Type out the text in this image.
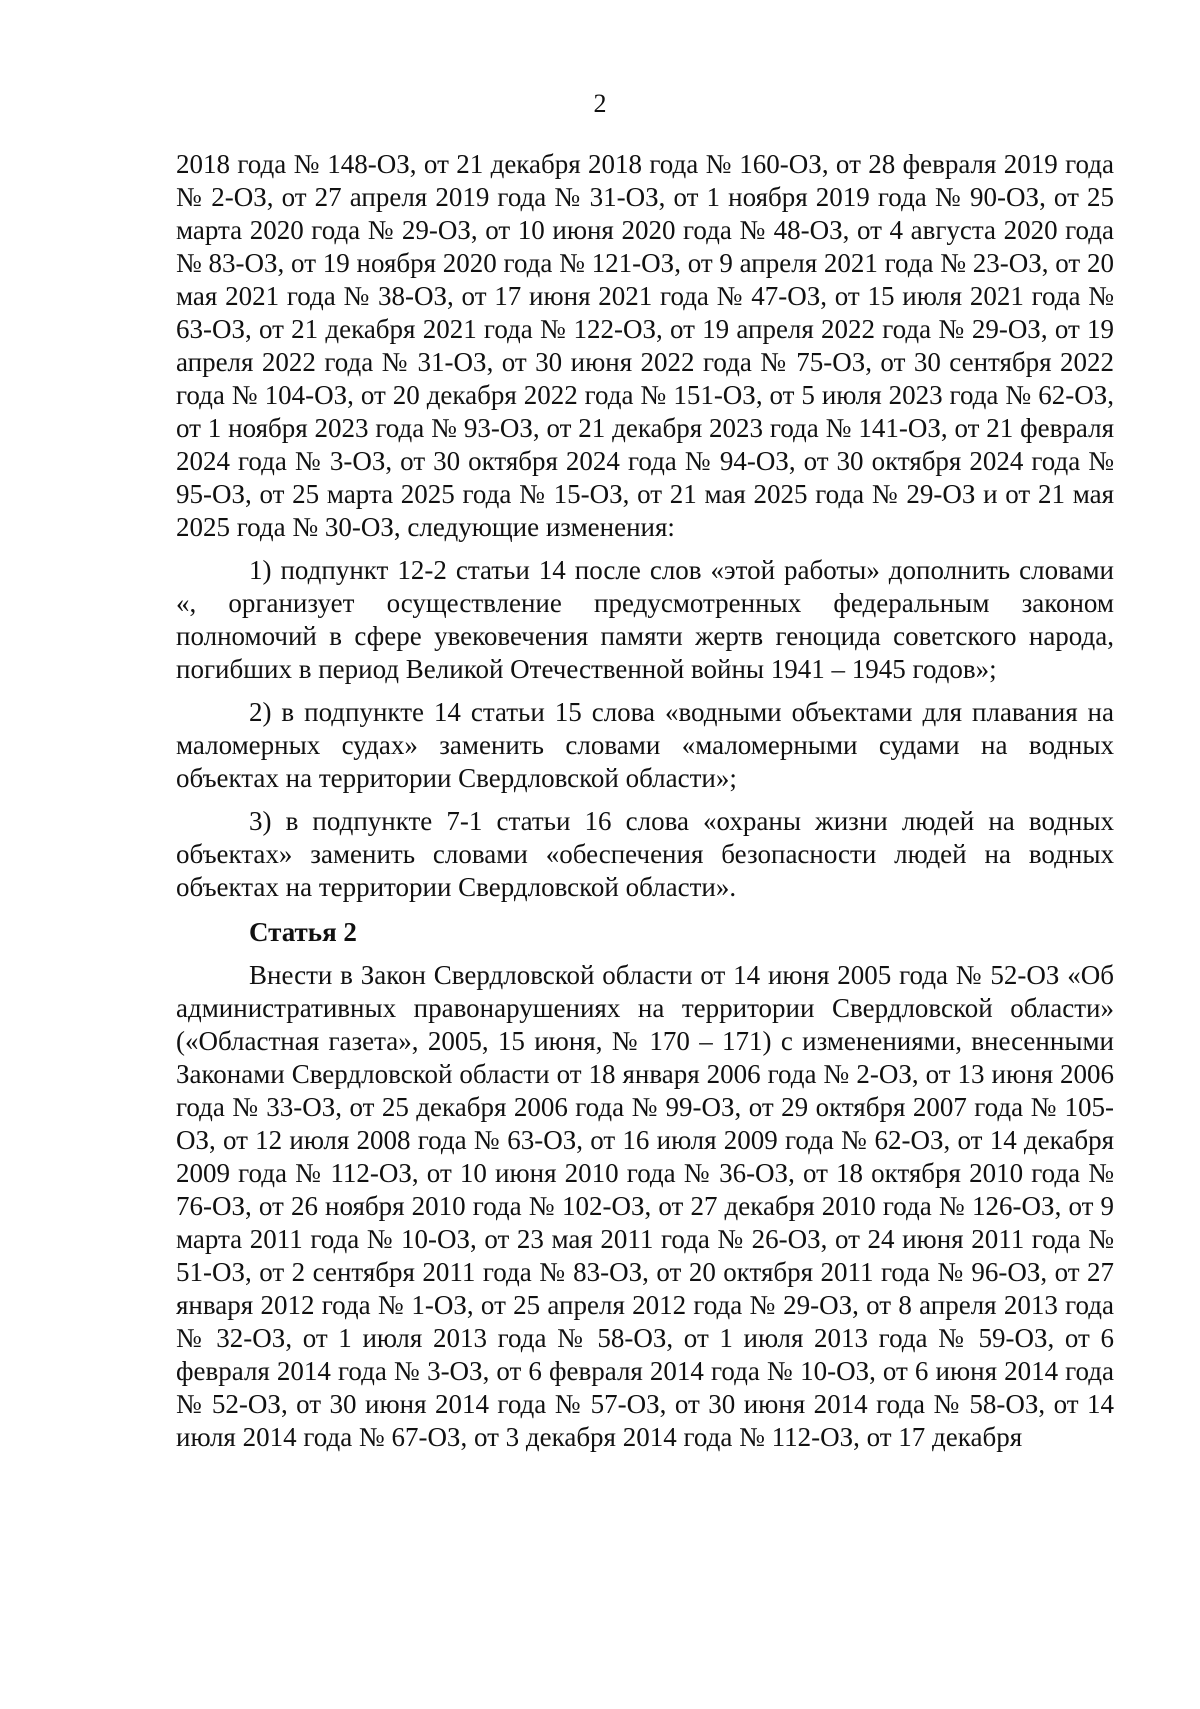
2

2018 года № 148-ОЗ, от 21 декабря 2018 года № 160-ОЗ, от 28 февраля 2019 года № 2-ОЗ, от 27 апреля 2019 года № 31-ОЗ, от 1 ноября 2019 года № 90-ОЗ, от 25 марта 2020 года № 29-ОЗ, от 10 июня 2020 года № 48-ОЗ, от 4 августа 2020 года № 83-ОЗ, от 19 ноября 2020 года № 121-ОЗ, от 9 апреля 2021 года № 23-ОЗ, от 20 мая 2021 года № 38-ОЗ, от 17 июня 2021 года № 47-ОЗ, от 15 июля 2021 года № 63-ОЗ, от 21 декабря 2021 года № 122-ОЗ, от 19 апреля 2022 года № 29-ОЗ, от 19 апреля 2022 года № 31-ОЗ, от 30 июня 2022 года № 75-ОЗ, от 30 сентября 2022 года № 104-ОЗ, от 20 декабря 2022 года № 151-ОЗ, от 5 июля 2023 года № 62-ОЗ, от 1 ноября 2023 года № 93-ОЗ, от 21 декабря 2023 года № 141-ОЗ, от 21 февраля 2024 года № 3-ОЗ, от 30 октября 2024 года № 94-ОЗ, от 30 октября 2024 года № 95-ОЗ, от 25 марта 2025 года № 15-ОЗ, от 21 мая 2025 года № 29-ОЗ и от 21 мая 2025 года № 30-ОЗ, следующие изменения:

1) подпункт 12-2 статьи 14 после слов «этой работы» дополнить словами «, организует осуществление предусмотренных федеральным законом полномочий в сфере увековечения памяти жертв геноцида советского народа, погибших в период Великой Отечественной войны 1941 – 1945 годов»;

2) в подпункте 14 статьи 15 слова «водными объектами для плавания на маломерных судах» заменить словами «маломерными судами на водных объектах на территории Свердловской области»;

3) в подпункте 7-1 статьи 16 слова «охраны жизни людей на водных объектах» заменить словами «обеспечения безопасности людей на водных объектах на территории Свердловской области».

Статья 2

Внести в Закон Свердловской области от 14 июня 2005 года № 52-ОЗ «Об административных правонарушениях на территории Свердловской области» («Областная газета», 2005, 15 июня, № 170 – 171) с изменениями, внесенными Законами Свердловской области от 18 января 2006 года № 2-ОЗ, от 13 июня 2006 года № 33-ОЗ, от 25 декабря 2006 года № 99-ОЗ, от 29 октября 2007 года № 105-ОЗ, от 12 июля 2008 года № 63-ОЗ, от 16 июля 2009 года № 62-ОЗ, от 14 декабря 2009 года № 112-ОЗ, от 10 июня 2010 года № 36-ОЗ, от 18 октября 2010 года № 76-ОЗ, от 26 ноября 2010 года № 102-ОЗ, от 27 декабря 2010 года № 126-ОЗ, от 9 марта 2011 года № 10-ОЗ, от 23 мая 2011 года № 26-ОЗ, от 24 июня 2011 года № 51-ОЗ, от 2 сентября 2011 года № 83-ОЗ, от 20 октября 2011 года № 96-ОЗ, от 27 января 2012 года № 1-ОЗ, от 25 апреля 2012 года № 29-ОЗ, от 8 апреля 2013 года № 32-ОЗ, от 1 июля 2013 года № 58-ОЗ, от 1 июля 2013 года № 59-ОЗ, от 6 февраля 2014 года № 3-ОЗ, от 6 февраля 2014 года № 10-ОЗ, от 6 июня 2014 года № 52-ОЗ, от 30 июня 2014 года № 57-ОЗ, от 30 июня 2014 года № 58-ОЗ, от 14 июля 2014 года № 67-ОЗ, от 3 декабря 2014 года № 112-ОЗ, от 17 декабря
